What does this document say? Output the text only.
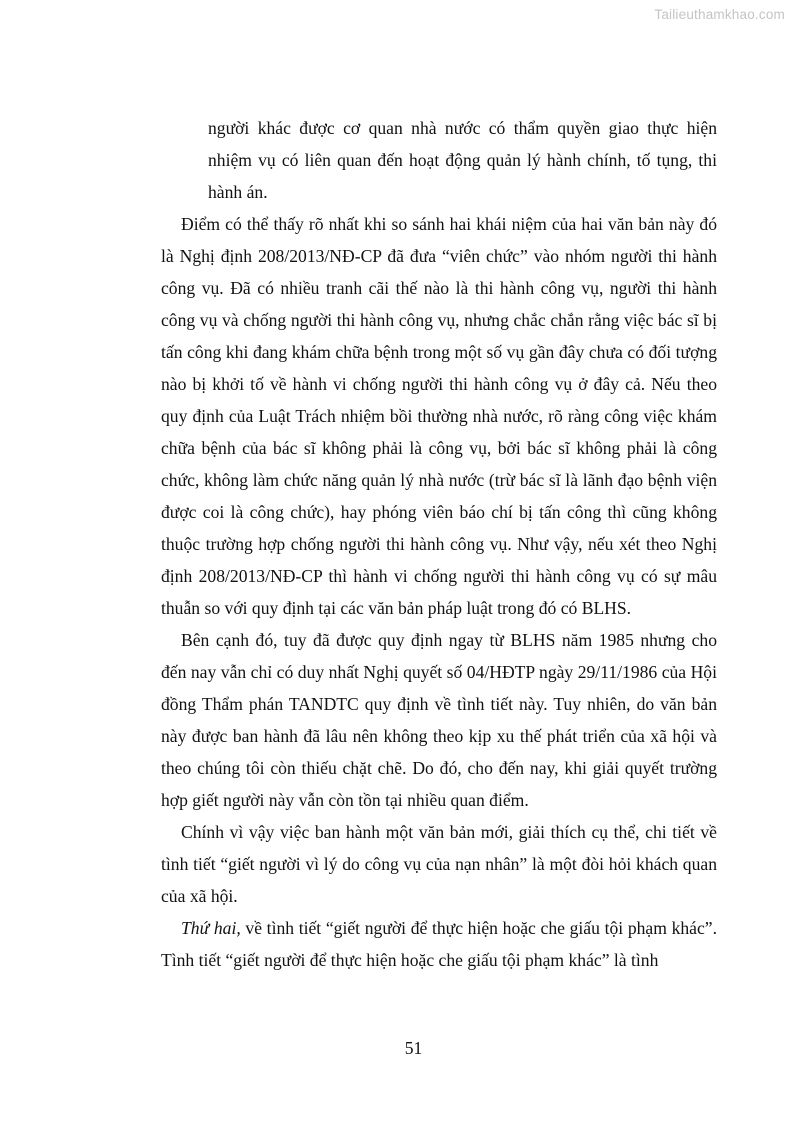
Tailieuthamkhao.com

người khác được cơ quan nhà nước có thẩm quyền giao thực hiện nhiệm vụ có liên quan đến hoạt động quản lý hành chính, tố tụng, thi hành án.

Điểm có thể thấy rõ nhất khi so sánh hai khái niệm của hai văn bản này đó là Nghị định 208/2013/NĐ-CP đã đưa “viên chức” vào nhóm người thi hành công vụ. Đã có nhiều tranh cãi thế nào là thi hành công vụ, người thi hành công vụ và chống người thi hành công vụ, nhưng chắc chắn rằng việc bác sĩ bị tấn công khi đang khám chữa bệnh trong một số vụ gần đây chưa có đối tượng nào bị khởi tố về hành vi chống người thi hành công vụ ở đây cả. Nếu theo quy định của Luật Trách nhiệm bồi thường nhà nước, rõ ràng công việc khám chữa bệnh của bác sĩ không phải là công vụ, bởi bác sĩ không phải là công chức, không làm chức năng quản lý nhà nước (trừ bác sĩ là lãnh đạo bệnh viện được coi là công chức), hay phóng viên báo chí bị tấn công thì cũng không thuộc trường hợp chống người thi hành công vụ. Như vậy, nếu xét theo Nghị định 208/2013/NĐ-CP thì hành vi chống người thi hành công vụ có sự mâu thuẫn so với quy định tại các văn bản pháp luật trong đó có BLHS.

Bên cạnh đó, tuy đã được quy định ngay từ BLHS năm 1985 nhưng cho đến nay vẫn chỉ có duy nhất Nghị quyết số 04/HĐTP ngày 29/11/1986 của Hội đồng Thẩm phán TANDTC quy định về tình tiết này. Tuy nhiên, do văn bản này được ban hành đã lâu nên không theo kịp xu thế phát triển của xã hội và theo chúng tôi còn thiếu chặt chẽ. Do đó, cho đến nay, khi giải quyết trường hợp giết người này vẫn còn tồn tại nhiều quan điểm.

Chính vì vậy việc ban hành một văn bản mới, giải thích cụ thể, chi tiết về tình tiết “giết người vì lý do công vụ của nạn nhân” là một đòi hỏi khách quan của xã hội.

Thứ hai, về tình tiết “giết người để thực hiện hoặc che giấu tội phạm khác”. Tình tiết “giết người để thực hiện hoặc che giấu tội phạm khác” là tình

51
